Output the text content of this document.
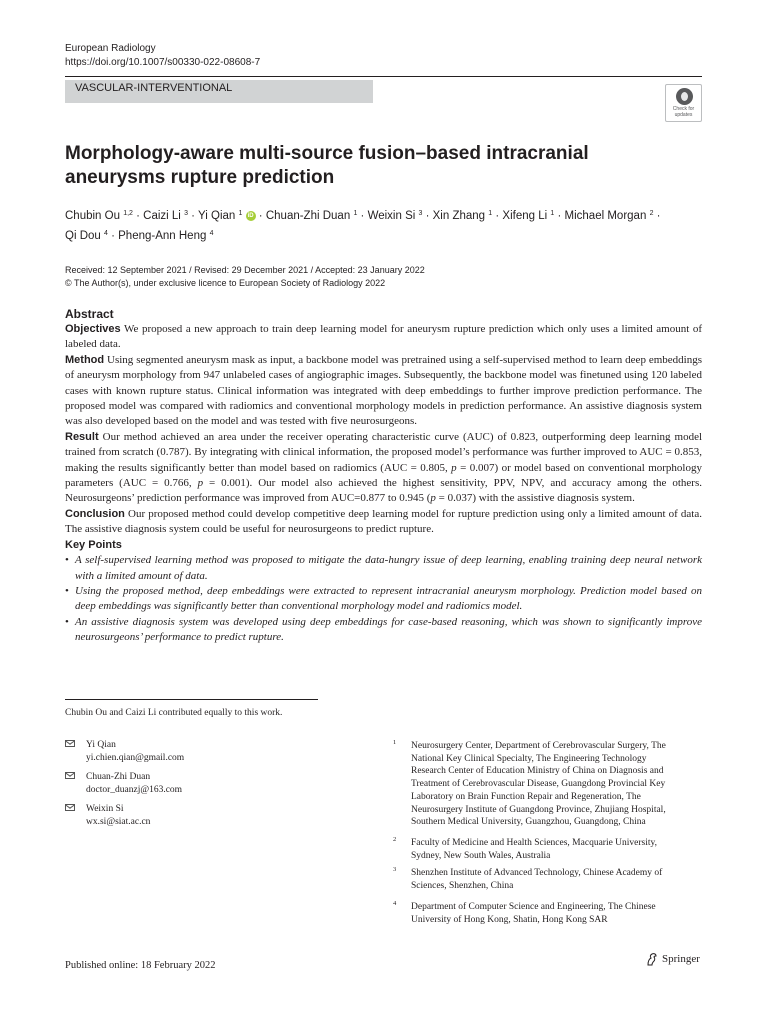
European Radiology
https://doi.org/10.1007/s00330-022-08608-7
VASCULAR-INTERVENTIONAL
Check for
updates
Morphology-aware multi-source fusion–based intracranial aneurysms rupture prediction
Chubin Ou $^{1,2}$ · Caizi Li $^3$ · Yi Qian $^1$ iD · Chuan-Zhi Duan $^1$ · Weixin Si $^3$ · Xin Zhang $^1$ · Xifeng Li $^1$ · Michael Morgan $^2$ ·
Qi Dou $^4$ · Pheng-Ann Heng $^4$
Received: 12 September 2021 / Revised: 29 December 2021 / Accepted: 23 January 2022
© The Author(s), under exclusive licence to European Society of Radiology 2022
Abstract

Objectives We proposed a new approach to train deep learning model for aneurysm rupture prediction which only uses a limited amount of labeled data.

Method Using segmented aneurysm mask as input, a backbone model was pretrained using a self-supervised method to learn deep embeddings of aneurysm morphology from 947 unlabeled cases of angiographic images. Subsequently, the backbone model was finetuned using 120 labeled cases with known rupture status. Clinical information was integrated with deep embeddings to further improve prediction performance. The proposed model was compared with radiomics and conventional morphology models in prediction performance. An assistive diagnosis system was also developed based on the model and was tested with five neurosurgeons.

Result Our method achieved an area under the receiver operating characteristic curve (AUC) of 0.823, outperforming deep learning model trained from scratch (0.787). By integrating with clinical information, the proposed model’s performance was further improved to AUC = 0.853, making the results significantly better than model based on radiomics (AUC = 0.805, p = 0.007) or model based on conventional morphology parameters (AUC = 0.766, p = 0.001). Our model also achieved the highest sensitivity, PPV, NPV, and accuracy among the others. Neurosurgeons’ prediction performance was improved from AUC=0.877 to 0.945 (p = 0.037) with the assistive diagnosis system.

Conclusion Our proposed method could develop competitive deep learning model for rupture prediction using only a limited amount of data. The assistive diagnosis system could be useful for neurosurgeons to predict rupture.

Key Points
• A self-supervised learning method was proposed to mitigate the data-hungry issue of deep learning, enabling training deep neural network with a limited amount of data.
• Using the proposed method, deep embeddings were extracted to represent intracranial aneurysm morphology. Prediction model based on deep embeddings was significantly better than conventional morphology model and radiomics model.
• An assistive diagnosis system was developed using deep embeddings for case-based reasoning, which was shown to significantly improve neurosurgeons’ performance to predict rupture.
Chubin Ou and Caizi Li contributed equally to this work.
Yi Qian
yi.chien.qian@gmail.com
Chuan-Zhi Duan
doctor_duanzj@163.com
Weixin Si
wx.si@siat.ac.cn
1 Neurosurgery Center, Department of Cerebrovascular Surgery, The
National Key Clinical Specialty, The Engineering Technology
Research Center of Education Ministry of China on Diagnosis and
Treatment of Cerebrovascular Disease, Guangdong Provincial Key
Laboratory on Brain Function Repair and Regeneration, The
Neurosurgery Institute of Guangdong Province, Zhujiang Hospital,
Southern Medical University, Guangzhou, Guangdong, China
2 Faculty of Medicine and Health Sciences, Macquarie University,
Sydney, New South Wales, Australia
3 Shenzhen Institute of Advanced Technology, Chinese Academy of
Sciences, Shenzhen, China
4 Department of Computer Science and Engineering, The Chinese
University of Hong Kong, Shatin, Hong Kong SAR
Published online: 18 February 2022
Springer
